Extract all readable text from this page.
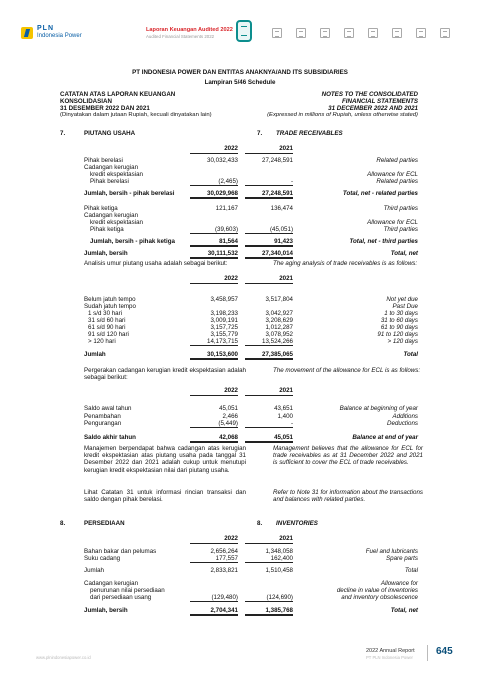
PLN
Indonesia Power
Laporan Keuangan Audited 2022
Audited Financial Statements 2022
PT INDONESIA POWER DAN ENTITAS ANAKNYA/AND ITS SUBSIDIARIES
Lampiran 5/46 Schedule
CATATAN ATAS LAPORAN KEUANGAN
KONSOLIDASIAN
31 DESEMBER 2022 DAN 2021
(Dinyatakan dalam jutaan Rupiah, kecuali dinyatakan lain)
NOTES TO THE CONSOLIDATED
FINANCIAL STATEMENTS
31 DECEMBER 2022 AND 2021
(Expressed in millions of Rupiah, unless otherwise stated)
7.	PIUTANG USAHA	7. TRADE RECEIVABLES
2022	2021
Pihak berelasi	30,032,433	27,248,591	Related parties
Cadangan kerugian
kredit ekspektasian	Allowance for ECL
Pihak berelasi	(2,465)	-	Related parties
Jumlah, bersih - pihak berelasi	30,029,968	27,248,591	Total, net - related parties
Pihak ketiga	121,167	136,474	Third parties
Cadangan kerugian
kredit ekspektasian	Allowance for ECL
Pihak ketiga	(39,603)	(45,051)	Third parties
Jumlah, bersih - pihak ketiga	81,564	91,423	Total, net - third parties
Jumlah, bersih	30,111,532	27,340,014	Total, net
Analisis umur piutang usaha adalah sebagai berikut:	The aging analysis of trade receivables is as follows:
2022	2021
Belum jatuh tempo	3,458,957	3,517,804	Not yet due
Sudah jatuh tempo	Past Due
1 s/d 30 hari	3,198,233	3,042,927	1 to 30 days
31 s/d 60 hari	3,009,191	3,208,629	31 to 60 days
61 s/d 90 hari	3,157,725	1,012,287	61 to 90 days
91 s/d 120 hari	3,155,779	3,078,952	91 to 120 days
> 120 hari	14,173,715	13,524,266	> 120 days
Jumlah	30,153,600	27,385,065	Total
Pergerakan cadangan kerugian kredit ekspektasian adalah sebagai berikut:
The movement of the allowance for ECL is as follows:
2022	2021
Saldo awal tahun	45,051	43,651	Balance at beginning of year
Penambahan	2,466	1,400	Additions
Pengurangan	(5,449)	-	Deductions
Saldo akhir tahun	42,068	45,051	Balance at end of year
Manajemen berpendapat bahwa cadangan atas kerugian kredit ekspektasian atas piutang usaha pada tanggal 31 Desember 2022 dan 2021 adalah cukup untuk menutupi kerugian kredit ekspektasian nilai dari piutang usaha.
Management believes that the allowance for ECL for trade receivables as at 31 December 2022 and 2021 is sufficient to cover the ECL of trade receivables.
Lihat Catatan 31 untuk informasi rincian transaksi dan saldo dengan pihak berelasi.
Refer to Note 31 for information about the transactions and balances with related parties.
8.	PERSEDIAAN	8. INVENTORIES
2022	2021
Bahan bakar dan pelumas	2,656,264	1,348,058	Fuel and lubricants
Suku cadang	177,557	162,400	Spare parts
Jumlah	2,833,821	1,510,458	Total
Cadangan kerugian	Allowance for
penurunan nilai persediaan	decline in value of inventories
dari persediaan usang	(129,480)	(124,690)	and inventory obsolescence
Jumlah, bersih	2,704,341	1,385,768	Total, net
www.plnindonesiapower.co.id
2022 Annual Report
PT PLN Indonesia Power
645
